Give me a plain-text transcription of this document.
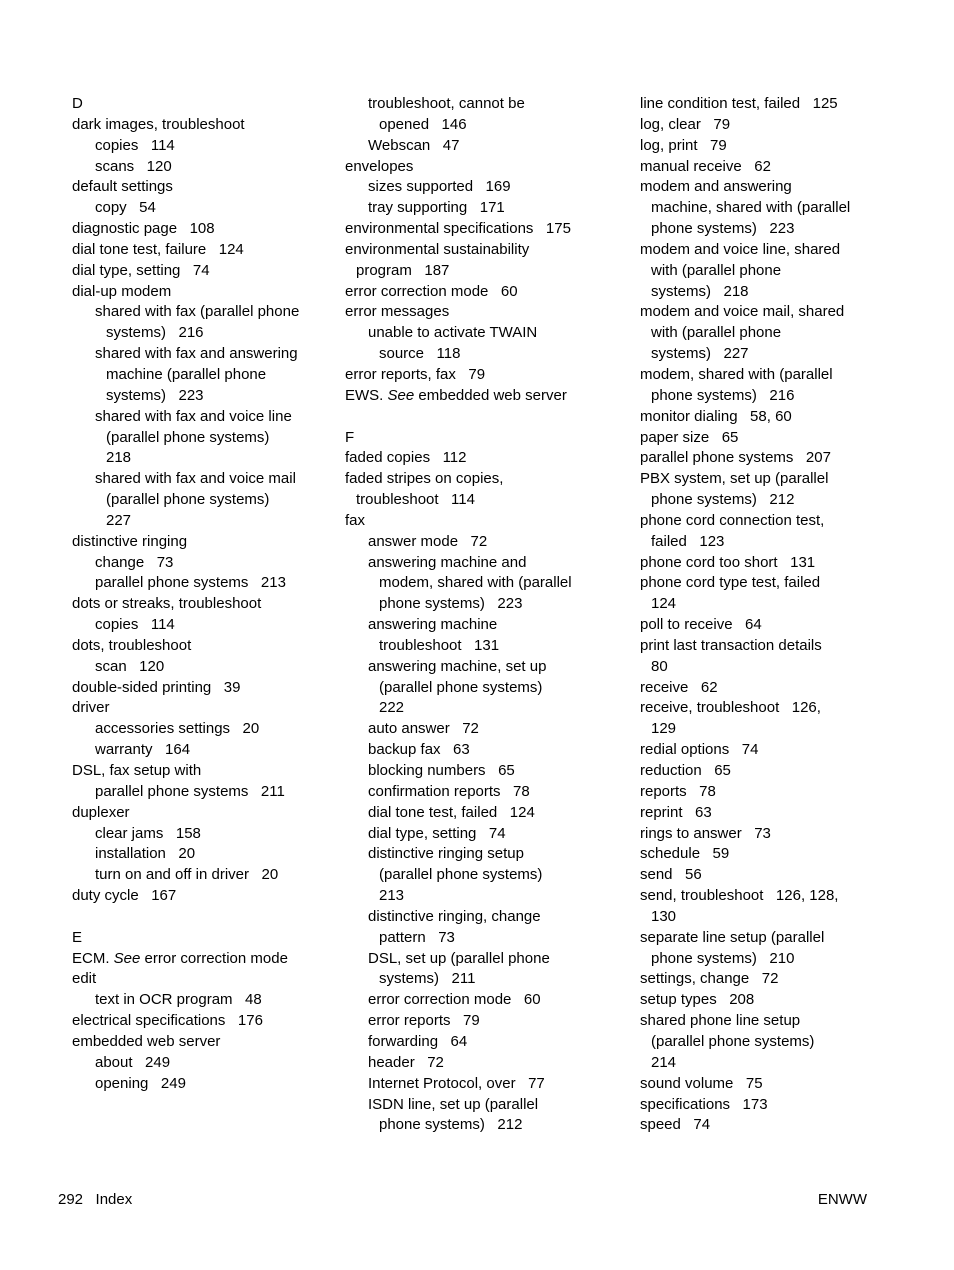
D
dark images, troubleshoot
copies   114
scans   120
default settings
copy   54
diagnostic page   108
dial tone test, failure   124
dial type, setting   74
dial-up modem
shared with fax (parallel phone
systems)   216
shared with fax and answering
machine (parallel phone
systems)   223
shared with fax and voice line
(parallel phone systems)
218
shared with fax and voice mail
(parallel phone systems)
227
distinctive ringing
change   73
parallel phone systems   213
dots or streaks, troubleshoot
copies   114
dots, troubleshoot
scan   120
double-sided printing   39
driver
accessories settings   20
warranty   164
DSL, fax setup with
parallel phone systems   211
duplexer
clear jams   158
installation   20
turn on and off in driver   20
duty cycle   167
E
ECM. See error correction mode
edit
text in OCR program   48
electrical specifications   176
embedded web server
about   249
opening   249
troubleshoot, cannot be
opened   146
Webscan   47
envelopes
sizes supported   169
tray supporting   171
environmental specifications   175
environmental sustainability
program   187
error correction mode   60
error messages
unable to activate TWAIN
source   118
error reports, fax   79
EWS. See embedded web server
F
faded copies   112
faded stripes on copies,
troubleshoot   114
fax
answer mode   72
answering machine and
modem, shared with (parallel
phone systems)   223
answering machine
troubleshoot   131
answering machine, set up
(parallel phone systems)
222
auto answer   72
backup fax   63
blocking numbers   65
confirmation reports   78
dial tone test, failed   124
dial type, setting   74
distinctive ringing setup
(parallel phone systems)
213
distinctive ringing, change
pattern   73
DSL, set up (parallel phone
systems)   211
error correction mode   60
error reports   79
forwarding   64
header   72
Internet Protocol, over   77
ISDN line, set up (parallel
phone systems)   212
line condition test, failed   125
log, clear   79
log, print   79
manual receive   62
modem and answering
machine, shared with (parallel
phone systems)   223
modem and voice line, shared
with (parallel phone
systems)   218
modem and voice mail, shared
with (parallel phone
systems)   227
modem, shared with (parallel
phone systems)   216
monitor dialing   58, 60
paper size   65
parallel phone systems   207
PBX system, set up (parallel
phone systems)   212
phone cord connection test,
failed   123
phone cord too short   131
phone cord type test, failed
124
poll to receive   64
print last transaction details
80
receive   62
receive, troubleshoot   126,
129
redial options   74
reduction   65
reports   78
reprint   63
rings to answer   73
schedule   59
send   56
send, troubleshoot   126, 128,
130
separate line setup (parallel
phone systems)   210
settings, change   72
setup types   208
shared phone line setup
(parallel phone systems)
214
sound volume   75
specifications   173
speed   74
292 Index	ENWW
